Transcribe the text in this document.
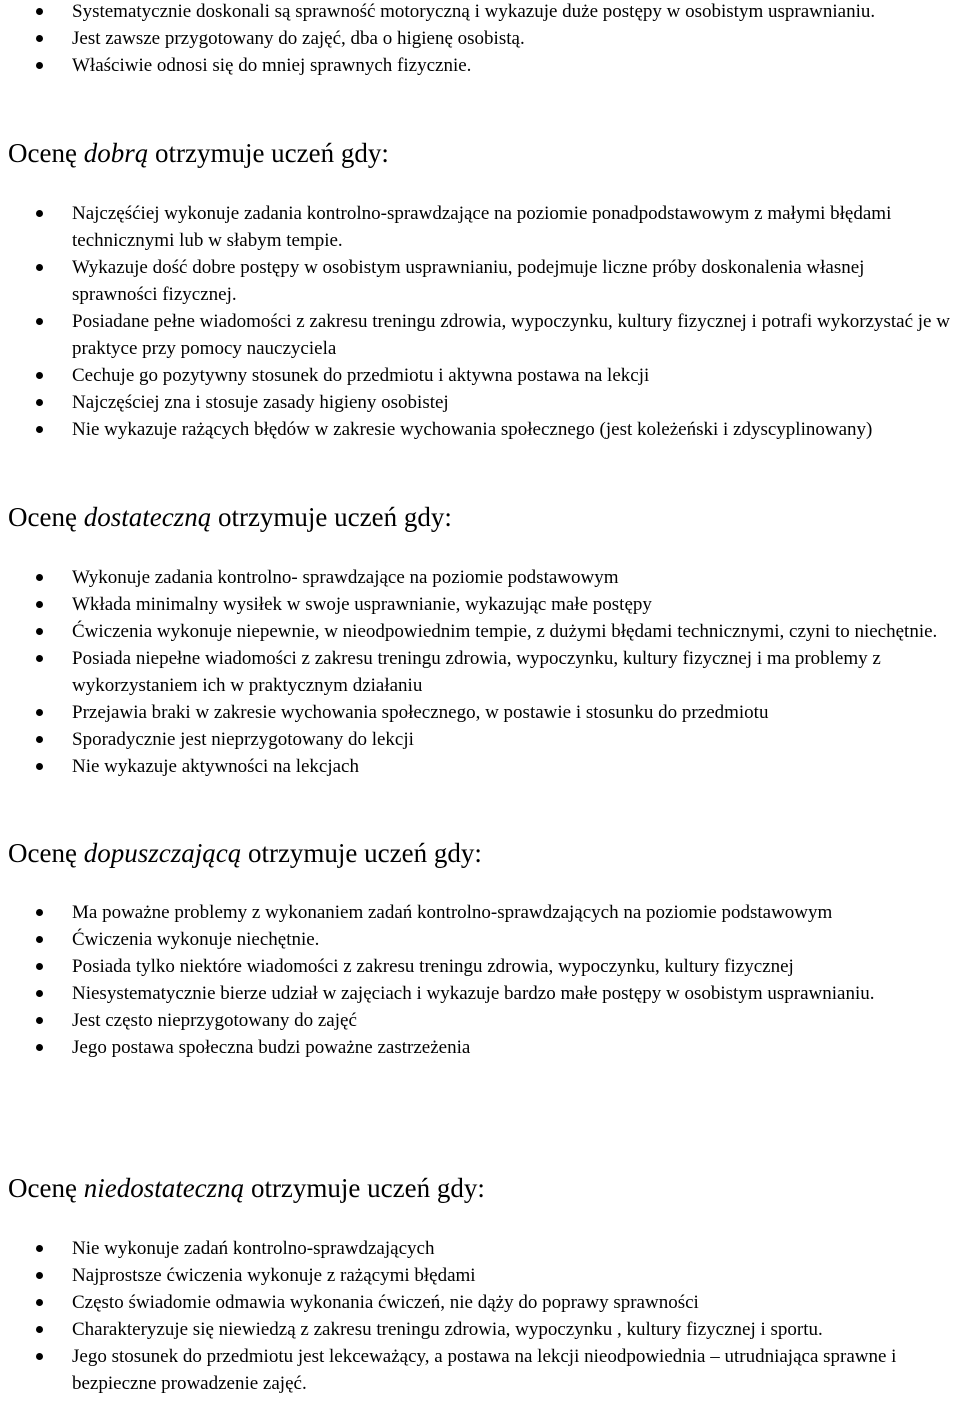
Systematycznie doskonali są sprawność motoryczną i wykazuje duże postępy w osobistym usprawnianiu.
Jest zawsze przygotowany do zajęć, dba o higienę osobistą.
Właściwie odnosi się do mniej sprawnych fizycznie.
Ocenę dobrą otrzymuje uczeń gdy:
Najczęśćiej wykonuje zadania kontrolno-sprawdzające na poziomie ponadpodstawowym z małymi błędami technicznymi lub w słabym tempie.
Wykazuje dość dobre postępy w osobistym usprawnianiu, podejmuje liczne próby doskonalenia własnej sprawności fizycznej.
Posiadane pełne wiadomości z zakresu treningu zdrowia, wypoczynku, kultury fizycznej i potrafi wykorzystać je w praktyce przy pomocy nauczyciela
Cechuje go pozytywny stosunek do przedmiotu i aktywna postawa na lekcji
Najczęściej zna i stosuje zasady higieny osobistej
Nie wykazuje rażących błędów w zakresie wychowania społecznego (jest koleżeński i zdyscyplinowany)
Ocenę dostateczną otrzymuje uczeń gdy:
Wykonuje zadania kontrolno- sprawdzające na poziomie podstawowym
Wkłada minimalny wysiłek w swoje usprawnianie, wykazując małe postępy
Ćwiczenia wykonuje niepewnie, w nieodpowiednim tempie, z dużymi błędami technicznymi, czyni to niechętnie.
Posiada niepełne wiadomości z zakresu treningu zdrowia, wypoczynku, kultury fizycznej i ma problemy z wykorzystaniem ich w praktycznym działaniu
Przejawia braki w zakresie wychowania społecznego, w postawie i stosunku do przedmiotu
Sporadycznie jest nieprzygotowany do lekcji
Nie wykazuje aktywności na lekcjach
Ocenę dopuszczającą otrzymuje uczeń gdy:
Ma poważne problemy z wykonaniem zadań kontrolno-sprawdzających na poziomie podstawowym
Ćwiczenia wykonuje niechętnie.
Posiada tylko niektóre wiadomości z zakresu treningu zdrowia, wypoczynku, kultury fizycznej
Niesystematycznie bierze udział w zajęciach i wykazuje bardzo małe postępy w osobistym usprawnianiu.
Jest często nieprzygotowany do zajęć
Jego postawa społeczna budzi poważne zastrzeżenia
Ocenę niedostateczną otrzymuje uczeń gdy:
Nie wykonuje zadań kontrolno-sprawdzających
Najprostsze ćwiczenia wykonuje z rażącymi błędami
Często świadomie odmawia wykonania ćwiczeń, nie dąży do poprawy sprawności
Charakteryzuje się niewiedzą z zakresu treningu zdrowia, wypoczynku , kultury fizycznej i sportu.
Jego stosunek do przedmiotu jest lekceważący, a postawa na lekcji nieodpowiednia – utrudniająca sprawne i bezpieczne prowadzenie zajęć.
